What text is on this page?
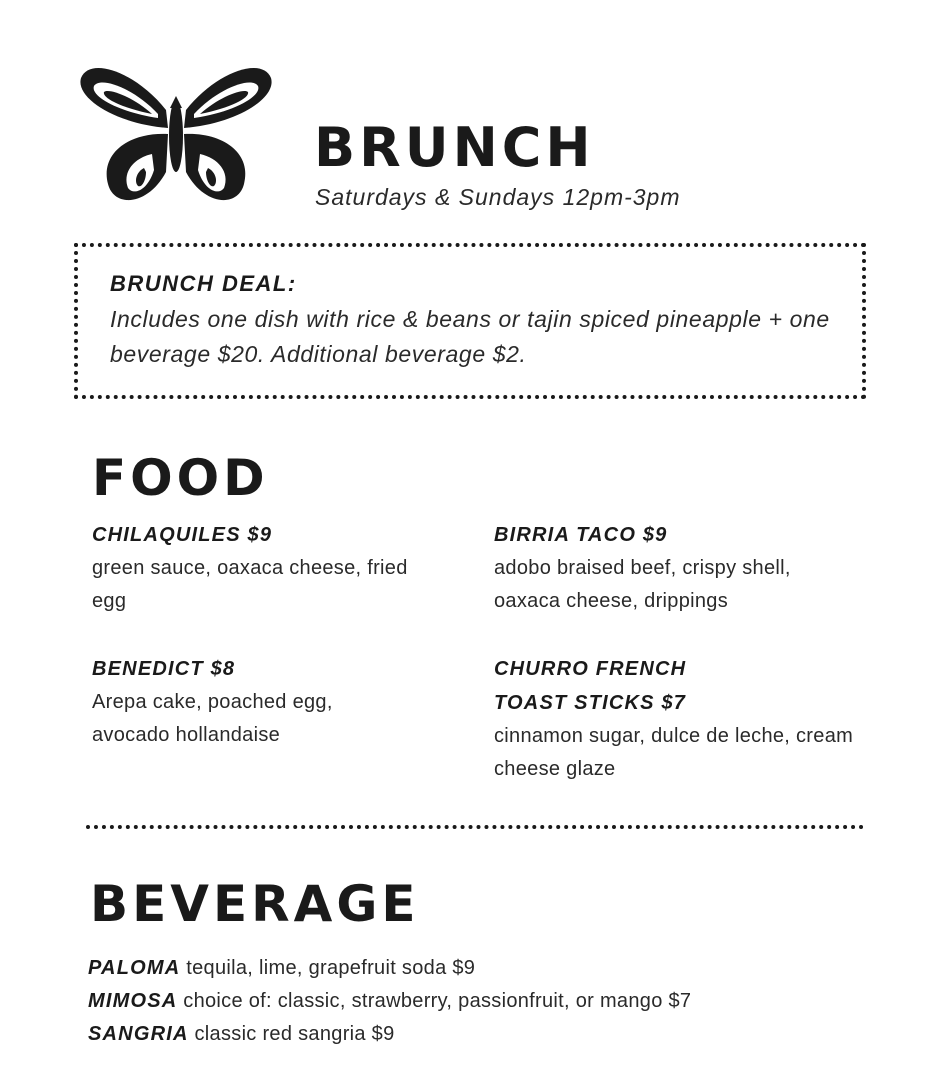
BRUNCH
Saturdays & Sundays 12pm-3pm
BRUNCH DEAL:
Includes one dish with rice & beans or tajin spiced pineapple + one beverage $20. Additional beverage $2.
FOOD
CHILAQUILES $9
green sauce, oaxaca cheese, fried egg
BIRRIA TACO $9
adobo braised beef, crispy shell, oaxaca cheese, drippings
BENEDICT $8
Arepa cake, poached egg, avocado hollandaise
CHURRO FRENCH TOAST STICKS $7
cinnamon sugar, dulce de leche, cream cheese glaze
BEVERAGE
PALOMA tequila, lime, grapefruit soda $9
MIMOSA choice of: classic, strawberry, passionfruit, or mango $7
SANGRIA classic red sangria $9
